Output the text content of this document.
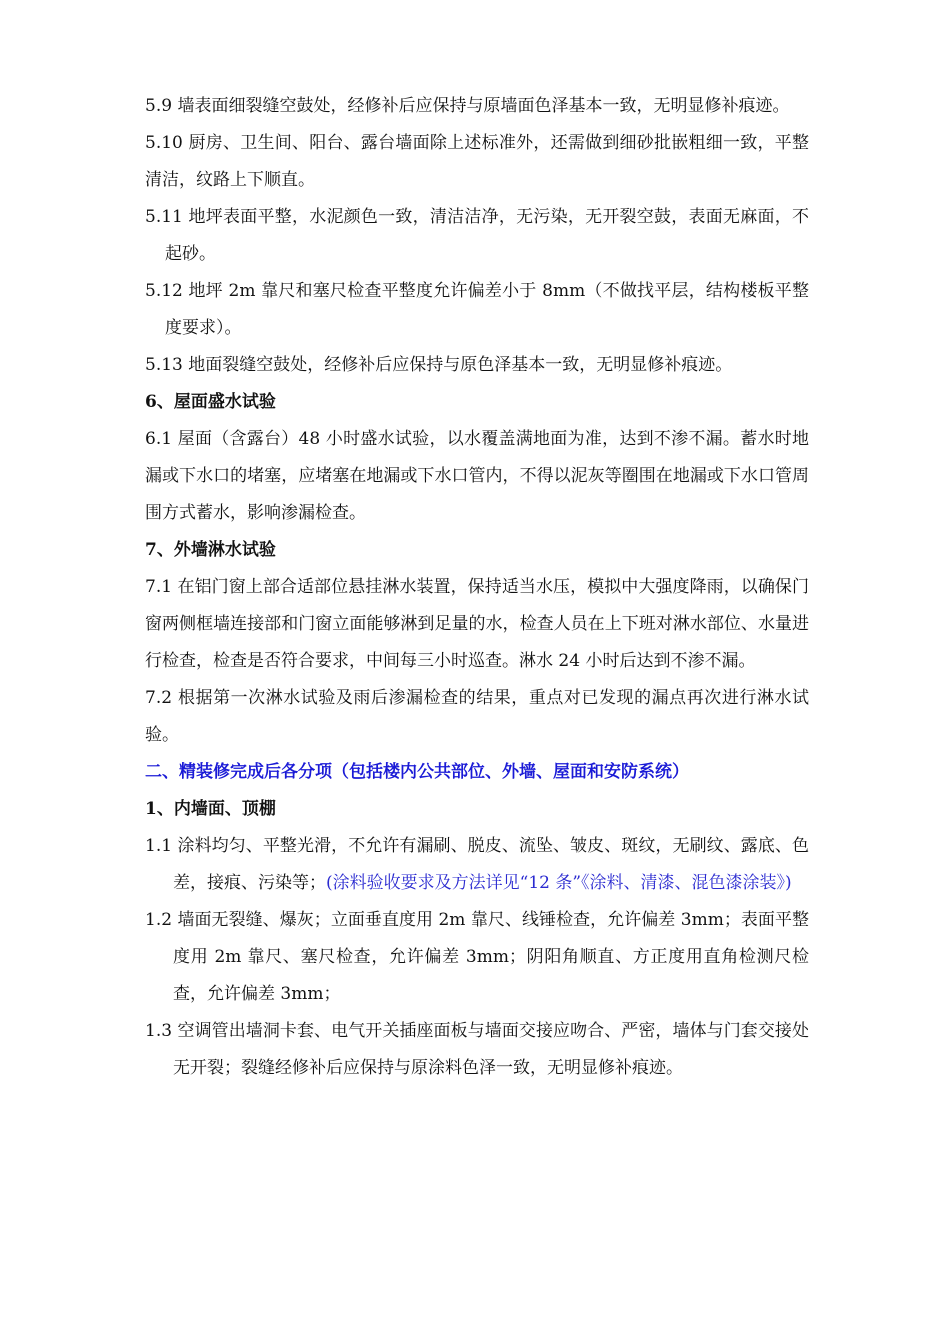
5.9 墙表面细裂缝空鼓处，经修补后应保持与原墙面色泽基本一致，无明显修补痕迹。

5.10 厨房、卫生间、阳台、露台墙面除上述标准外，还需做到细砂批嵌粗细一致，平整清洁，纹路上下顺直。

5.11 地坪表面平整，水泥颜色一致，清洁洁净，无污染，无开裂空鼓，表面无麻面，不起砂。

5.12 地坪 2m 靠尺和塞尺检查平整度允许偏差小于 8mm（不做找平层，结构楼板平整度要求）。

5.13 地面裂缝空鼓处，经修补后应保持与原色泽基本一致，无明显修补痕迹。

6、屋面盛水试验

6.1 屋面（含露台）48 小时盛水试验，以水覆盖满地面为准，达到不渗不漏。蓄水时地漏或下水口的堵塞，应堵塞在地漏或下水口管内，不得以泥灰等圈围在地漏或下水口管周围方式蓄水，影响渗漏检查。

7、外墙淋水试验

7.1 在铝门窗上部合适部位悬挂淋水装置，保持适当水压，模拟中大强度降雨，以确保门窗两侧框墙连接部和门窗立面能够淋到足量的水，检查人员在上下班对淋水部位、水量进行检查，检查是否符合要求，中间每三小时巡查。淋水 24 小时后达到不渗不漏。

7.2 根据第一次淋水试验及雨后渗漏检查的结果，重点对已发现的漏点再次进行淋水试验。

二、精装修完成后各分项（包括楼内公共部位、外墙、屋面和安防系统）

1、内墙面、顶棚

1.1 涂料均匀、平整光滑，不允许有漏刷、脱皮、流坠、皱皮、斑纹，无刷纹、露底、色差，接痕、污染等；(涂料验收要求及方法详见“12 条”《涂料、清漆、混色漆涂装》)

1.2 墙面无裂缝、爆灰；立面垂直度用 2m 靠尺、线锤检查，允许偏差 3mm；表面平整度用 2m 靠尺、塞尺检查，允许偏差 3mm；阴阳角顺直、方正度用直角检测尺检查，允许偏差 3mm；

1.3 空调管出墙洞卡套、电气开关插座面板与墙面交接应吻合、严密，墙体与门套交接处无开裂；裂缝经修补后应保持与原涂料色泽一致，无明显修补痕迹。
